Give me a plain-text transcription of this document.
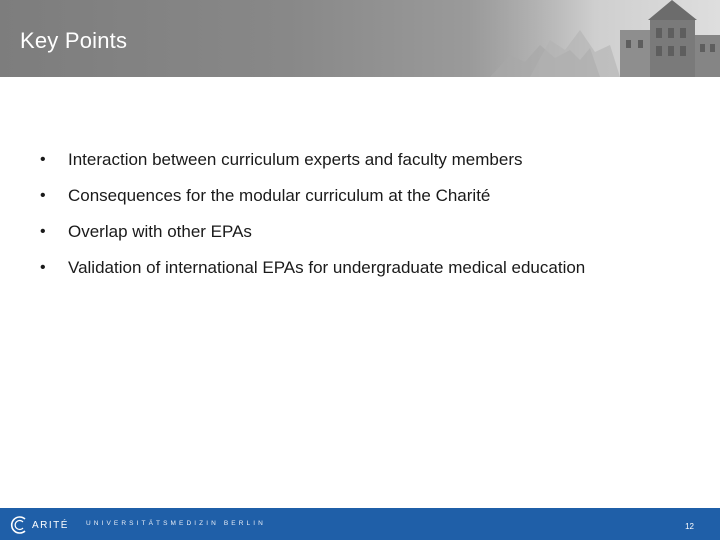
Key Points
•	Interaction between curriculum experts and faculty members
•	Consequences for the modular curriculum at the Charité
•	Overlap with other EPAs
•	Validation of international EPAs for undergraduate medical education
ARITÉ	UNIVERSITÄTSMEDIZIN BERLIN	12
